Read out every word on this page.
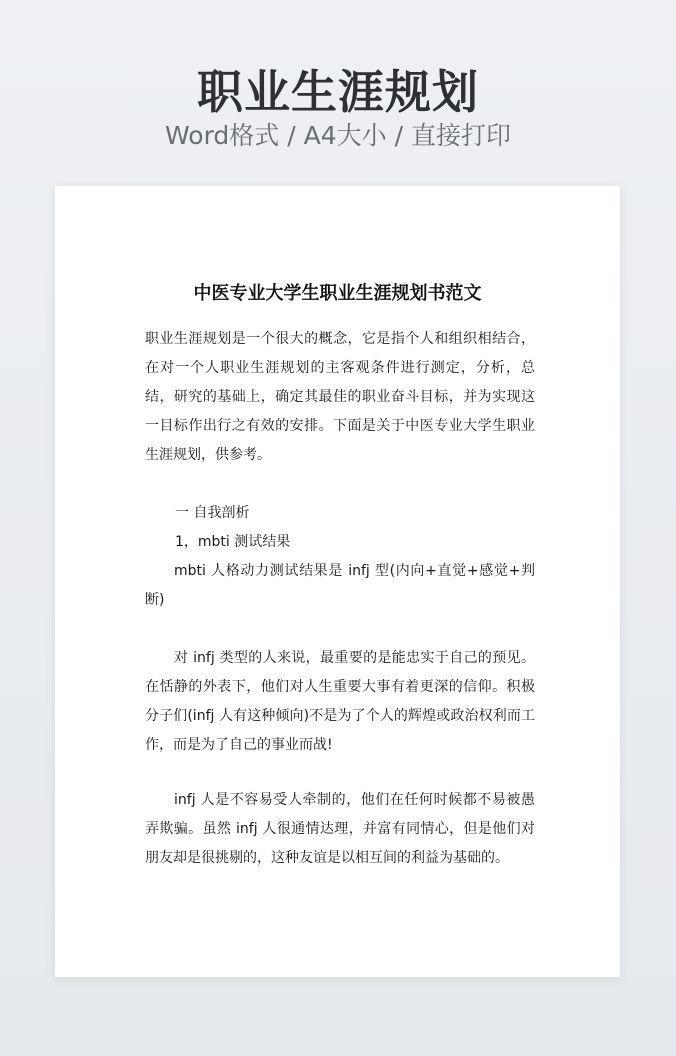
职业生涯规划
Word格式 / A4大小 / 直接打印
中医专业大学生职业生涯规划书范文

职业生涯规划是一个很大的概念，它是指个人和组织相结合，在对一个人职业生涯规划的主客观条件进行测定，分析，总结，研究的基础上，确定其最佳的职业奋斗目标，并为实现这一目标作出行之有效的安排。下面是关于中医专业大学生职业生涯规划，供参考。

一 自我剖析
1，mbti 测试结果

mbti 人格动力测试结果是 infj 型(内向+直觉+感觉+判断)

对 infj 类型的人来说，最重要的是能忠实于自己的预见。在恬静的外表下，他们对人生重要大事有着更深的信仰。积极分子们(infj 人有这种倾向)不是为了个人的辉煌或政治权利而工作，而是为了自己的事业而战!

infj 人是不容易受人牵制的，他们在任何时候都不易被愚弄欺骗。虽然 infj 人很通情达理，并富有同情心，但是他们对朋友却是很挑剔的，这种友谊是以相互间的利益为基础的。
